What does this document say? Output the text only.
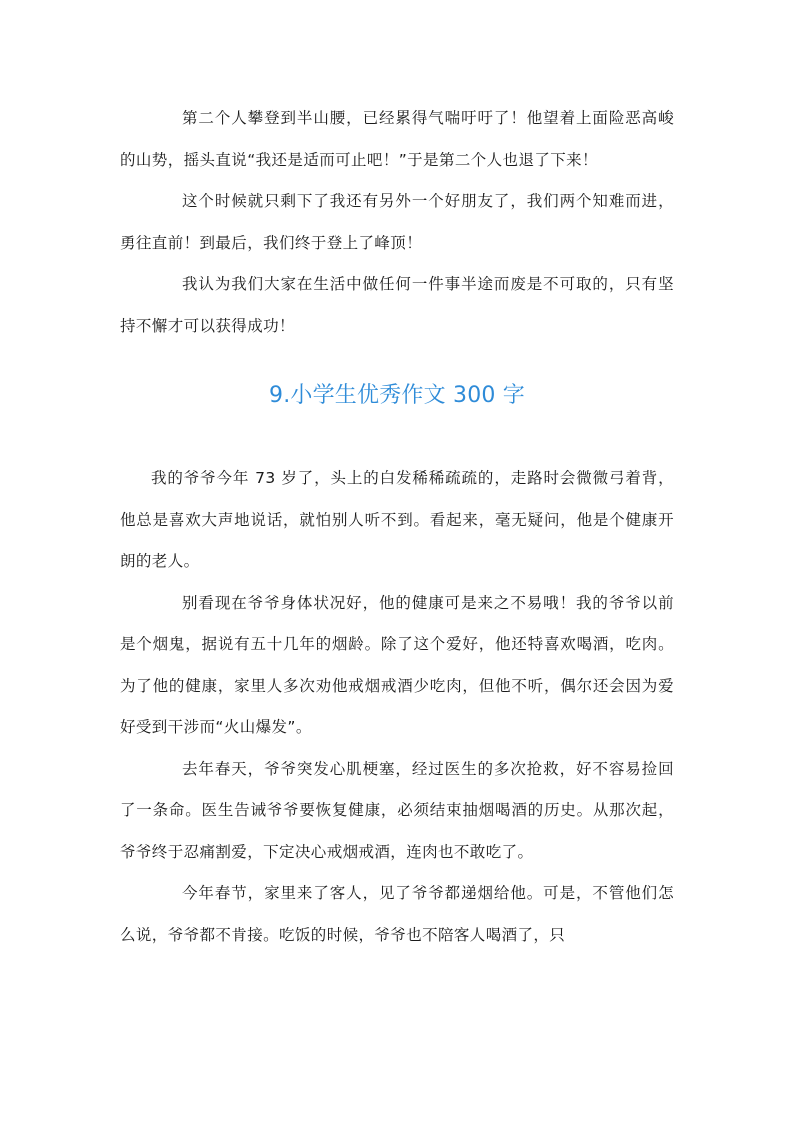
第二个人攀登到半山腰，已经累得气喘吁吁了！他望着上面险恶高峻的山势，摇头直说“我还是适而可止吧！”于是第二个人也退了下来！

这个时候就只剩下了我还有另外一个好朋友了，我们两个知难而进，勇往直前！到最后，我们终于登上了峰顶！

我认为我们大家在生活中做任何一件事半途而废是不可取的，只有坚持不懈才可以获得成功！

9.小学生优秀作文 300 字

我的爷爷今年 73 岁了，头上的白发稀稀疏疏的，走路时会微微弓着背，他总是喜欢大声地说话，就怕别人听不到。看起来，毫无疑问，他是个健康开朗的老人。

别看现在爷爷身体状况好，他的健康可是来之不易哦！我的爷爷以前是个烟鬼，据说有五十几年的烟龄。除了这个爱好，他还特喜欢喝酒，吃肉。为了他的健康，家里人多次劝他戒烟戒酒少吃肉，但他不听，偶尔还会因为爱好受到干涉而“火山爆发”。

去年春天，爷爷突发心肌梗塞，经过医生的多次抢救，好不容易捡回了一条命。医生告诫爷爷要恢复健康，必须结束抽烟喝酒的历史。从那次起，爷爷终于忍痛割爱，下定决心戒烟戒酒，连肉也不敢吃了。

今年春节，家里来了客人，见了爷爷都递烟给他。可是，不管他们怎么说，爷爷都不肯接。吃饭的时候，爷爷也不陪客人喝酒了，只
